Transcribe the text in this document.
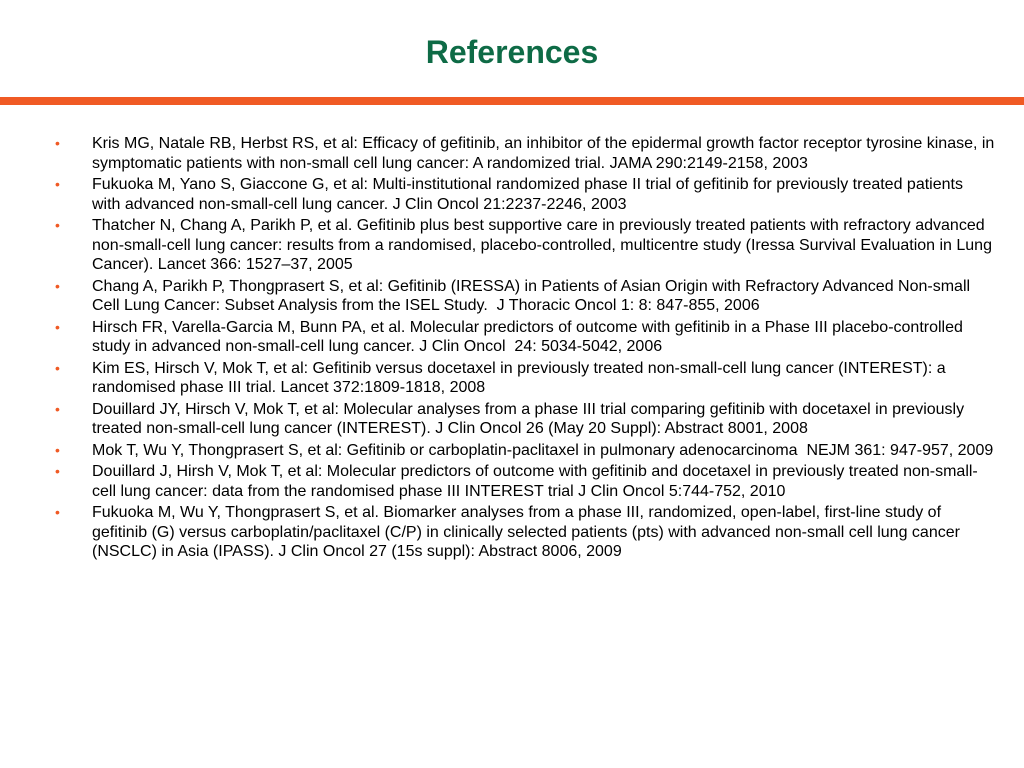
References
• Kris MG, Natale RB, Herbst RS, et al: Efficacy of gefitinib, an inhibitor of the epidermal growth factor receptor tyrosine kinase, in symptomatic patients with non-small cell lung cancer: A randomized trial. JAMA 290:2149-2158, 2003
• Fukuoka M, Yano S, Giaccone G, et al: Multi-institutional randomized phase II trial of gefitinib for previously treated patients with advanced non-small-cell lung cancer. J Clin Oncol 21:2237-2246, 2003
• Thatcher N, Chang A, Parikh P, et al. Gefitinib plus best supportive care in previously treated patients with refractory advanced non-small-cell lung cancer: results from a randomised, placebo-controlled, multicentre study (Iressa Survival Evaluation in Lung Cancer). Lancet 366: 1527–37, 2005
• Chang A, Parikh P, Thongprasert S, et al: Gefitinib (IRESSA) in Patients of Asian Origin with Refractory Advanced Non-small Cell Lung Cancer: Subset Analysis from the ISEL Study.  J Thoracic Oncol 1: 8: 847-855, 2006
• Hirsch FR, Varella-Garcia M, Bunn PA, et al. Molecular predictors of outcome with gefitinib in a Phase III placebo-controlled study in advanced non-small-cell lung cancer. J Clin Oncol  24: 5034-5042, 2006
• Kim ES, Hirsch V, Mok T, et al: Gefitinib versus docetaxel in previously treated non-small-cell lung cancer (INTEREST): a randomised phase III trial. Lancet 372:1809-1818, 2008
• Douillard JY, Hirsch V, Mok T, et al: Molecular analyses from a phase III trial comparing gefitinib with docetaxel in previously treated non-small-cell lung cancer (INTEREST). J Clin Oncol 26 (May 20 Suppl): Abstract 8001, 2008
• Mok T, Wu Y, Thongprasert S, et al: Gefitinib or carboplatin-paclitaxel in pulmonary adenocarcinoma  NEJM 361: 947-957, 2009
• Douillard J, Hirsh V, Mok T, et al: Molecular predictors of outcome with gefitinib and docetaxel in previously treated non-small-cell lung cancer: data from the randomised phase III INTEREST trial J Clin Oncol 5:744-752, 2010
• Fukuoka M, Wu Y, Thongprasert S, et al. Biomarker analyses from a phase III, randomized, open-label, first-line study of gefitinib (G) versus carboplatin/paclitaxel (C/P) in clinically selected patients (pts) with advanced non-small cell lung cancer (NSCLC) in Asia (IPASS). J Clin Oncol 27 (15s suppl): Abstract 8006, 2009
